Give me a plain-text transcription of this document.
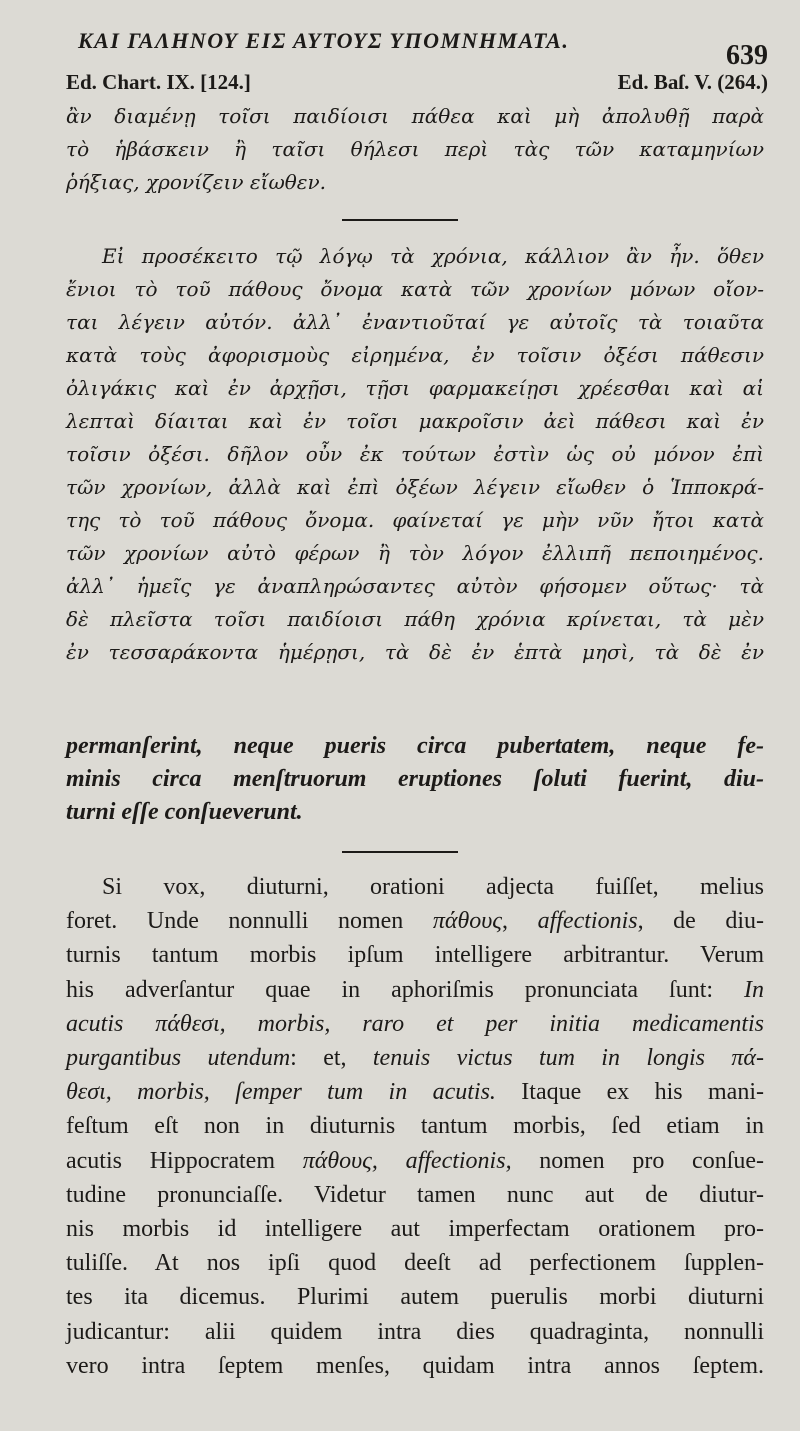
ΚΑΙ ΓΑΛΗΝΟΥ ΕΙΣ ΑΥΤΟΥΣ ΥΠΟΜΝΗΜΑΤΑ.	639
Ed. Chart. IX. [124.]	Ed. Baſ. V. (264.)
ἂν διαμένῃ τοῖσι παιδίοισι πάθεα καὶ μὴ ἀπολυθῇ παρὰ
τὸ ἡβάσκειν ἢ ταῖσι θήλεσι περὶ τὰς τῶν καταμηνίων
ῥήξιας, χρονίζειν εἴωθεν.
Εἰ προσέκειτο τῷ λόγῳ τὰ χρόνια, κάλλιον ἂν ἦν. ὅθεν
ἔνιοι τὸ τοῦ πάθους ὄνομα κατὰ τῶν χρονίων μόνων οἴον-
ται λέγειν αὐτόν. ἀλλ᾽ ἐναντιοῦταί γε αὐτοῖς τὰ τοιαῦτα
κατὰ τοὺς ἀφορισμοὺς εἰρημένα, ἐν τοῖσιν ὀξέσι πάθεσιν
ὀλιγάκις καὶ ἐν ἀρχῇσι, τῇσι φαρμακείῃσι χρέεσθαι καὶ αἱ
λεπταὶ δίαιται καὶ ἐν τοῖσι μακροῖσιν ἀεὶ πάθεσι καὶ ἐν
τοῖσιν ὀξέσι. δῆλον οὖν ἐκ τούτων ἐστὶν ὡς οὐ μόνον ἐπὶ
τῶν χρονίων, ἀλλὰ καὶ ἐπὶ ὀξέων λέγειν εἴωθεν ὁ Ἱπποκρά-
της τὸ τοῦ πάθους ὄνομα. φαίνεταί γε μὴν νῦν ἤτοι κατὰ
τῶν χρονίων αὐτὸ φέρων ἢ τὸν λόγον ἐλλιπῆ πεποιημένος.
ἀλλ᾽ ἡμεῖς γε ἀναπληρώσαντες αὐτὸν φήσομεν οὕτως· τὰ
δὲ πλεῖστα τοῖσι παιδίοισι πάθη χρόνια κρίνεται, τὰ μὲν
ἐν τεσσαράκοντα ἡμέρῃσι, τὰ δὲ ἐν ἑπτὰ μησὶ, τὰ δὲ ἐν
permanſerint, neque pueris circa pubertatem, neque fe-
minis circa menſtruorum eruptiones ſoluti fuerint, diu-
turni eſſe conſueverunt.
Si vox, diuturni, orationi adjecta fuiſſet, melius
foret. Unde nonnulli nomen πάθους, affectionis, de diu-
turnis tantum morbis ipſum intelligere arbitrantur. Verum
his adverſantur quae in aphoriſmis pronunciata ſunt: In
acutis πάθεσι, morbis, raro et per initia medicamentis
purgantibus utendum: et, tenuis victus tum in longis πά-
θεσι, morbis, ſemper tum in acutis. Itaque ex his mani-
feſtum eſt non in diuturnis tantum morbis, ſed etiam in
acutis Hippocratem πάθους, affectionis, nomen pro conſue-
tudine pronunciaſſe. Videtur tamen nunc aut de diutur-
nis morbis id intelligere aut imperfectam orationem pro-
tuliſſe. At nos ipſi quod deeſt ad perfectionem ſupplen-
tes ita dicemus. Plurimi autem puerulis morbi diuturni
judicantur: alii quidem intra dies quadraginta, nonnulli
vero intra ſeptem menſes, quidam intra annos ſeptem.
